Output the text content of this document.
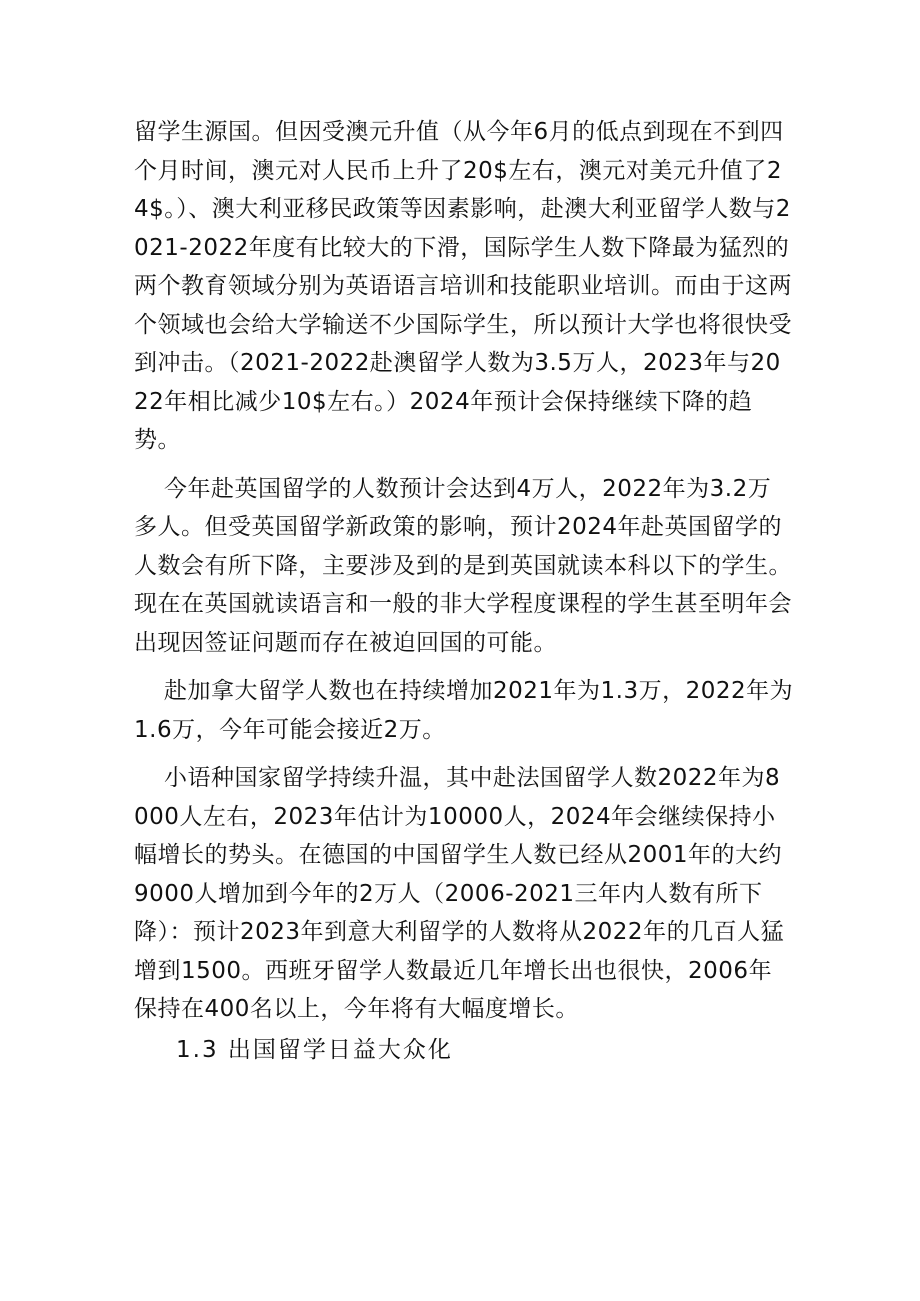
留学生源国。但因受澳元升值（从今年6月的低点到现在不到四个月时间，澳元对人民币上升了20$左右，澳元对美元升值了24$。）、澳大利亚移民政策等因素影响，赴澳大利亚留学人数与2021-2022年度有比较大的下滑，国际学生人数下降最为猛烈的两个教育领域分别为英语语言培训和技能职业培训。而由于这两个领域也会给大学输送不少国际学生，所以预计大学也将很快受到冲击。（2021-2022赴澳留学人数为3.5万人，2023年与2022年相比减少10$左右。）2024年预计会保持继续下降的趋势。

今年赴英国留学的人数预计会达到4万人，2022年为3.2万多人。但受英国留学新政策的影响，预计2024年赴英国留学的人数会有所下降，主要涉及到的是到英国就读本科以下的学生。现在在英国就读语言和一般的非大学程度课程的学生甚至明年会出现因签证问题而存在被迫回国的可能。

赴加拿大留学人数也在持续增加2021年为1.3万，2022年为1.6万，今年可能会接近2万。

小语种国家留学持续升温，其中赴法国留学人数2022年为8000人左右，2023年估计为10000人，2024年会继续保持小幅增长的势头。在德国的中国留学生人数已经从2001年的大约9000人增加到今年的2万人（2006-2021三年内人数有所下降）：预计2023年到意大利留学的人数将从2022年的几百人猛增到1500。西班牙留学人数最近几年增长出也很快，2006年保持在400名以上，今年将有大幅度增长。

1.3 出国留学日益大众化
